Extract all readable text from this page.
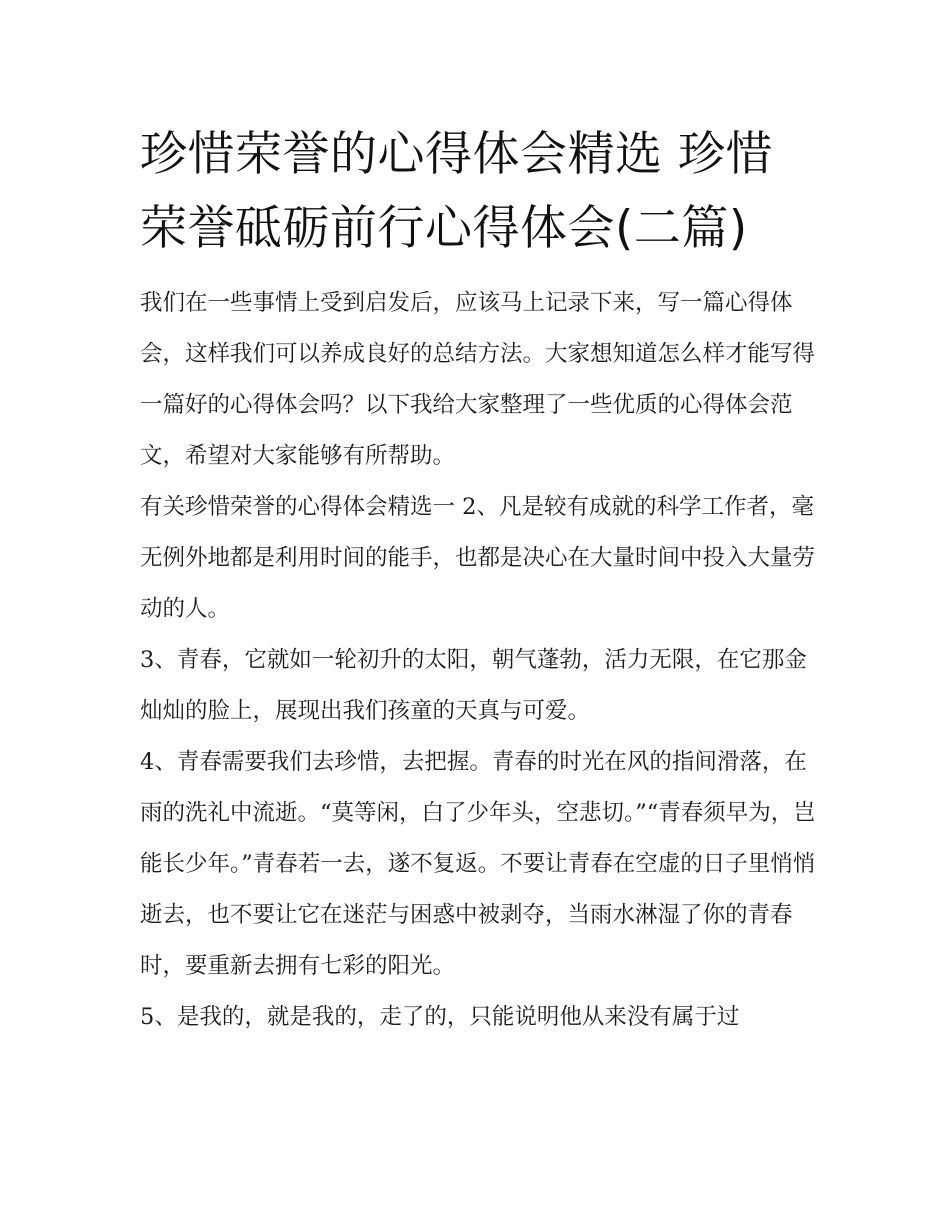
珍惜荣誉的心得体会精选 珍惜荣誉砥砺前行心得体会(二篇)

我们在一些事情上受到启发后，应该马上记录下来，写一篇心得体会，这样我们可以养成良好的总结方法。大家想知道怎么样才能写得一篇好的心得体会吗？以下我给大家整理了一些优质的心得体会范文，希望对大家能够有所帮助。

有关珍惜荣誉的心得体会精选一 2、凡是较有成就的科学工作者，毫无例外地都是利用时间的能手，也都是决心在大量时间中投入大量劳动的人。

3、青春，它就如一轮初升的太阳，朝气蓬勃，活力无限，在它那金灿灿的脸上，展现出我们孩童的天真与可爱。

4、青春需要我们去珍惜，去把握。青春的时光在风的指间滑落，在雨的洗礼中流逝。“莫等闲，白了少年头，空悲切。”“青春须早为，岂能长少年。”青春若一去，遂不复返。不要让青春在空虚的日子里悄悄逝去，也不要让它在迷茫与困惑中被剥夺，当雨水淋湿了你的青春时，要重新去拥有七彩的阳光。

5、是我的，就是我的，走了的，只能说明他从来没有属于过
